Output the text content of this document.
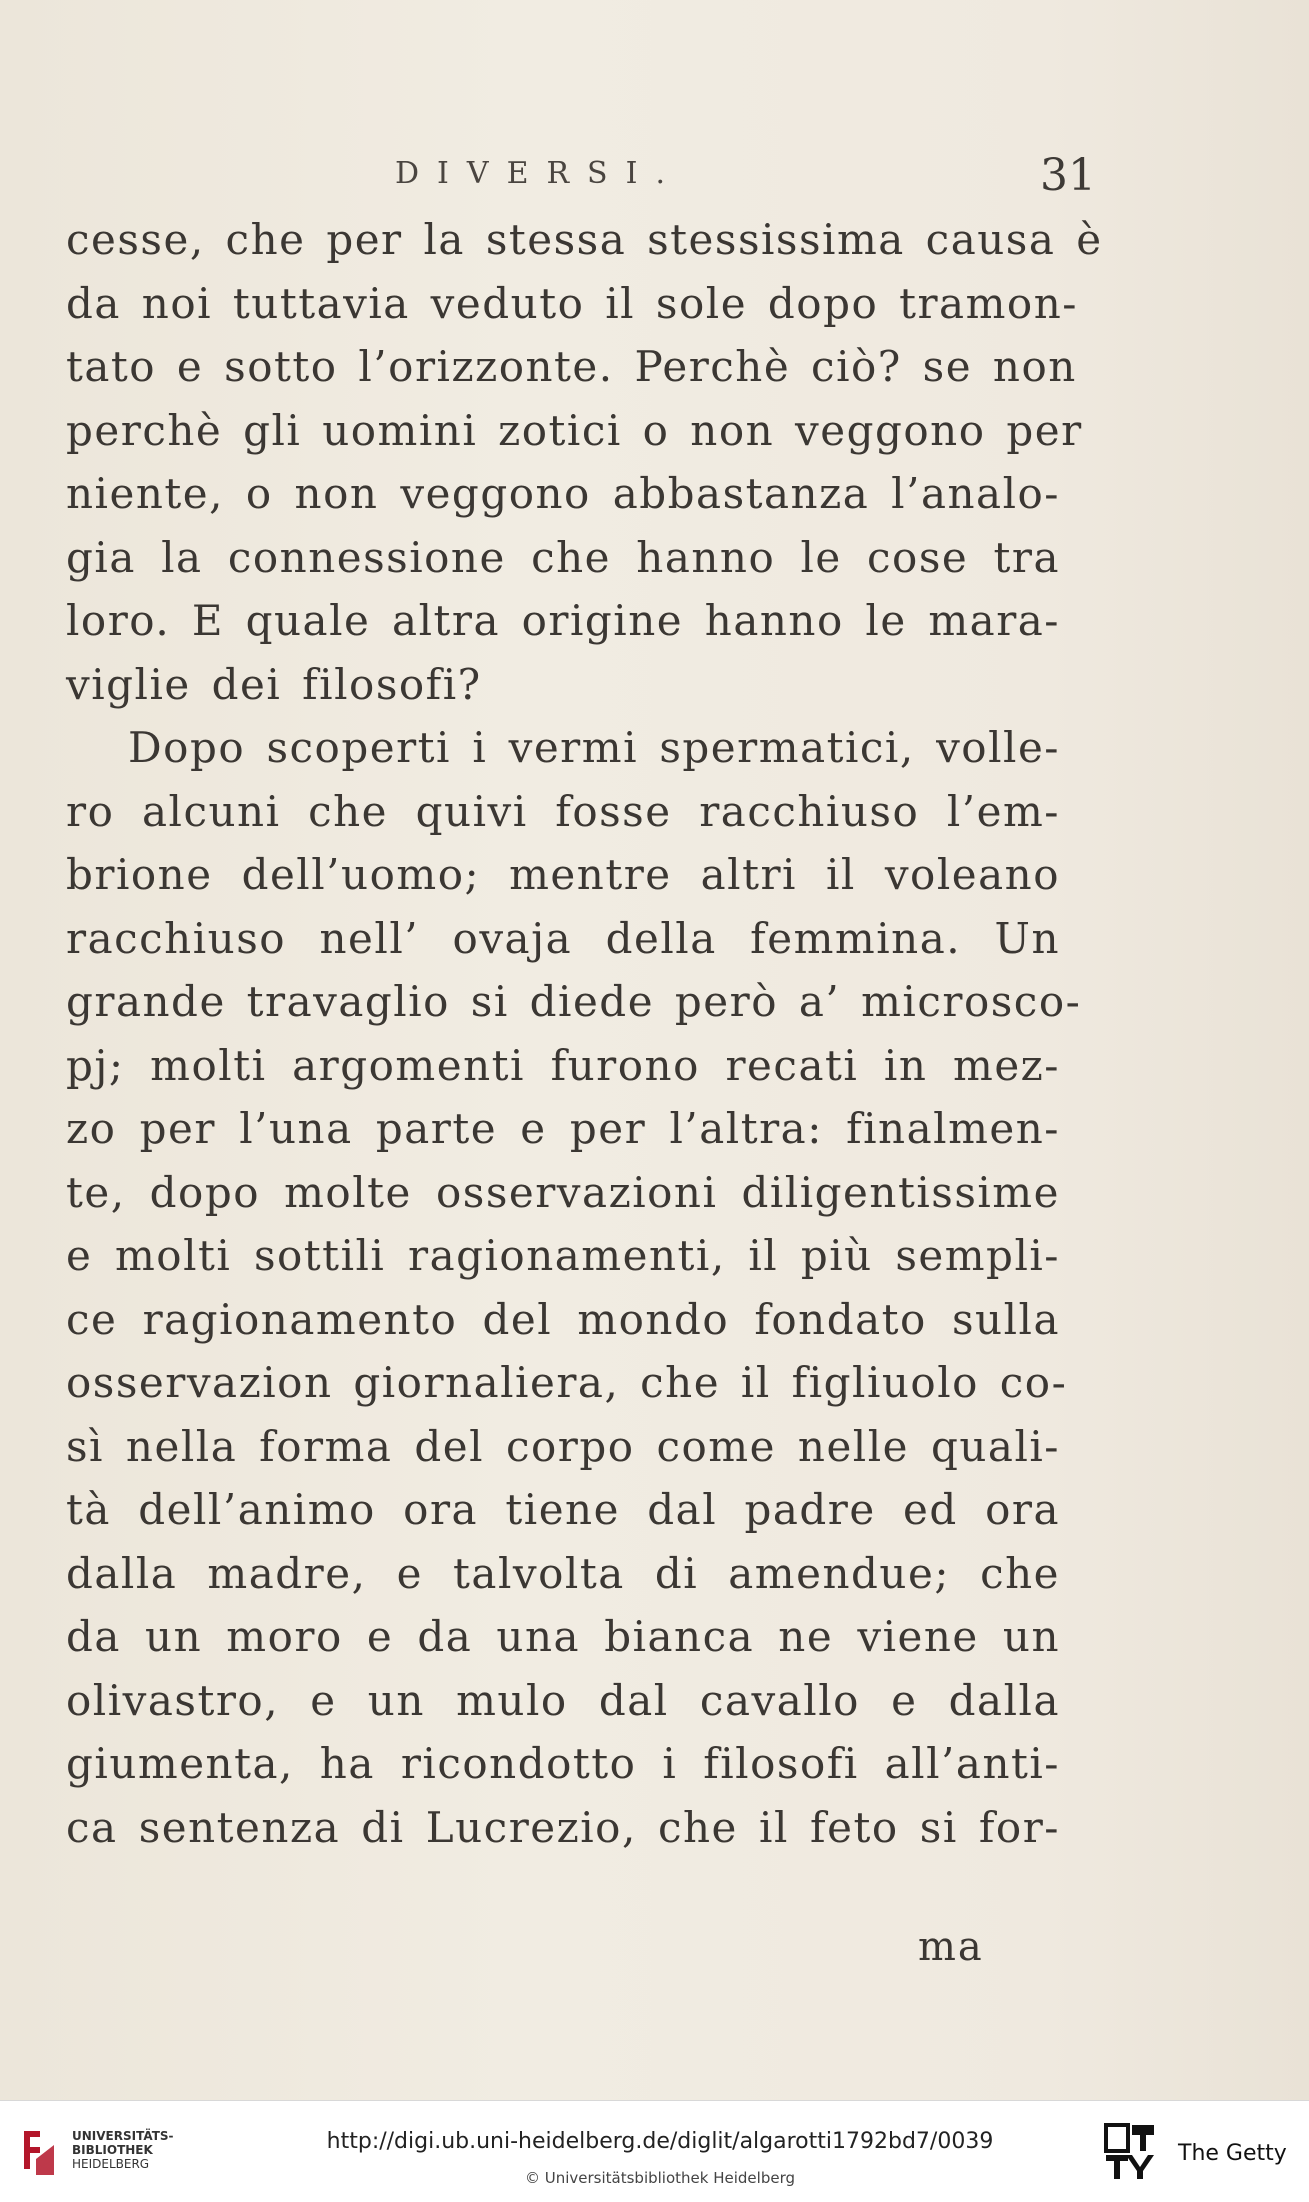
DIVERSI.	31
cesse, che per la stessa stessissima causa è
da noi tuttavia veduto il sole dopo tramon-
tato e sotto l’orizzonte. Perchè ciò? se non
perchè gli uomini zotici o non veggono per
niente, o non veggono abbastanza l’analo-
gia la connessione che hanno le cose tra
loro. E quale altra origine hanno le mara-
viglie dei filosofi?
Dopo scoperti i vermi spermatici, volle-
ro alcuni che quivi fosse racchiuso l’em-
brione dell’uomo; mentre altri il voleano
racchiuso nell’ ovaja della femmina. Un
grande travaglio si diede però a’ microsco-
pj; molti argomenti furono recati in mez-
zo per l’una parte e per l’altra: finalmen-
te, dopo molte osservazioni diligentissime
e molti sottili ragionamenti, il più sempli-
ce ragionamento del mondo fondato sulla
osservazion giornaliera, che il figliuolo co-
sì nella forma del corpo come nelle quali-
tà dell’animo ora tiene dal padre ed ora
dalla madre, e talvolta di amendue; che
da un moro e da una bianca ne viene un
olivastro, e un mulo dal cavallo e dalla
giumenta, ha ricondotto i filosofi all’anti-
ca sentenza di Lucrezio, che il feto si for-
ma
UNIVERSITÄTS-
BIBLIOTHEK
HEIDELBERG
http://digi.ub.uni-heidelberg.de/diglit/algarotti1792bd7/0039
© Universitätsbibliothek Heidelberg
The Getty
